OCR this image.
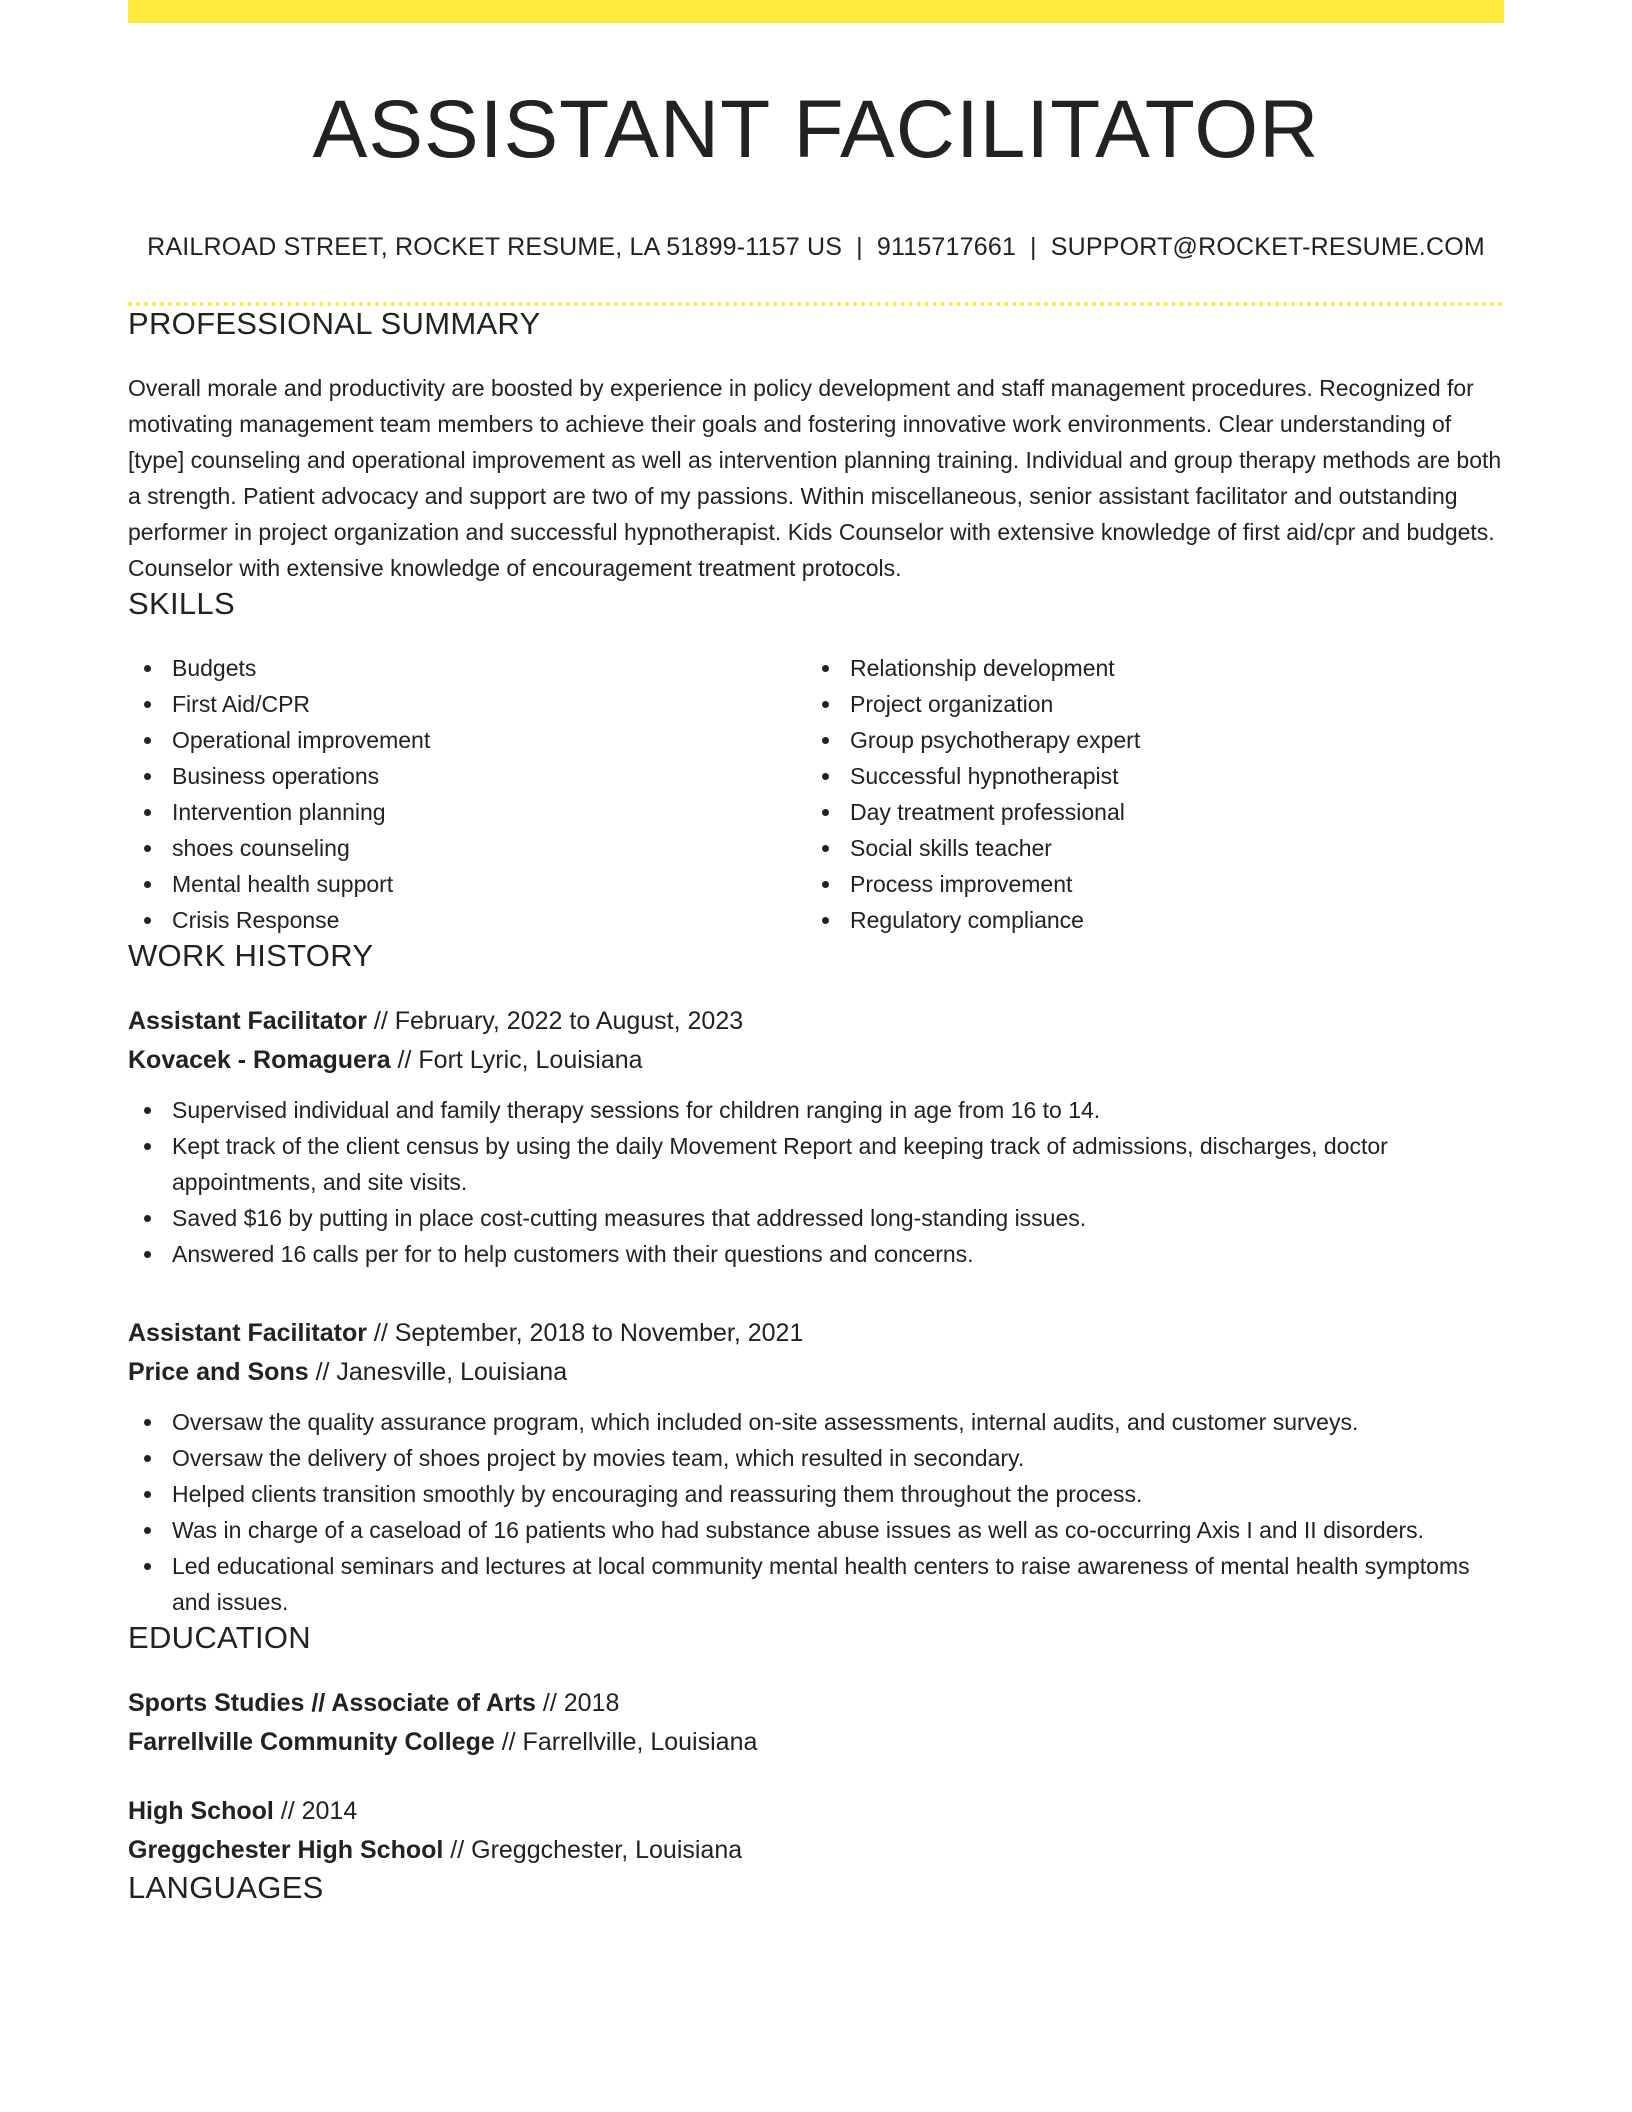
ASSISTANT FACILITATOR
RAILROAD STREET, ROCKET RESUME, LA 51899-1157 US | 9115717661 | SUPPORT@ROCKET-RESUME.COM
PROFESSIONAL SUMMARY
Overall morale and productivity are boosted by experience in policy development and staff management procedures. Recognized for motivating management team members to achieve their goals and fostering innovative work environments. Clear understanding of [type] counseling and operational improvement as well as intervention planning training. Individual and group therapy methods are both a strength. Patient advocacy and support are two of my passions. Within miscellaneous, senior assistant facilitator and outstanding performer in project organization and successful hypnotherapist. Kids Counselor with extensive knowledge of first aid/cpr and budgets. Counselor with extensive knowledge of encouragement treatment protocols.
SKILLS
Budgets
First Aid/CPR
Operational improvement
Business operations
Intervention planning
shoes counseling
Mental health support
Crisis Response
Relationship development
Project organization
Group psychotherapy expert
Successful hypnotherapist
Day treatment professional
Social skills teacher
Process improvement
Regulatory compliance
WORK HISTORY
Assistant Facilitator // February, 2022 to August, 2023
Kovacek - Romaguera // Fort Lyric, Louisiana
Supervised individual and family therapy sessions for children ranging in age from 16 to 14.
Kept track of the client census by using the daily Movement Report and keeping track of admissions, discharges, doctor appointments, and site visits.
Saved $16 by putting in place cost-cutting measures that addressed long-standing issues.
Answered 16 calls per for to help customers with their questions and concerns.
Assistant Facilitator // September, 2018 to November, 2021
Price and Sons // Janesville, Louisiana
Oversaw the quality assurance program, which included on-site assessments, internal audits, and customer surveys.
Oversaw the delivery of shoes project by movies team, which resulted in secondary.
Helped clients transition smoothly by encouraging and reassuring them throughout the process.
Was in charge of a caseload of 16 patients who had substance abuse issues as well as co-occurring Axis I and II disorders.
Led educational seminars and lectures at local community mental health centers to raise awareness of mental health symptoms and issues.
EDUCATION
Sports Studies // Associate of Arts // 2018
Farrellville Community College // Farrellville, Louisiana
High School // 2014
Greggchester High School // Greggchester, Louisiana
LANGUAGES
